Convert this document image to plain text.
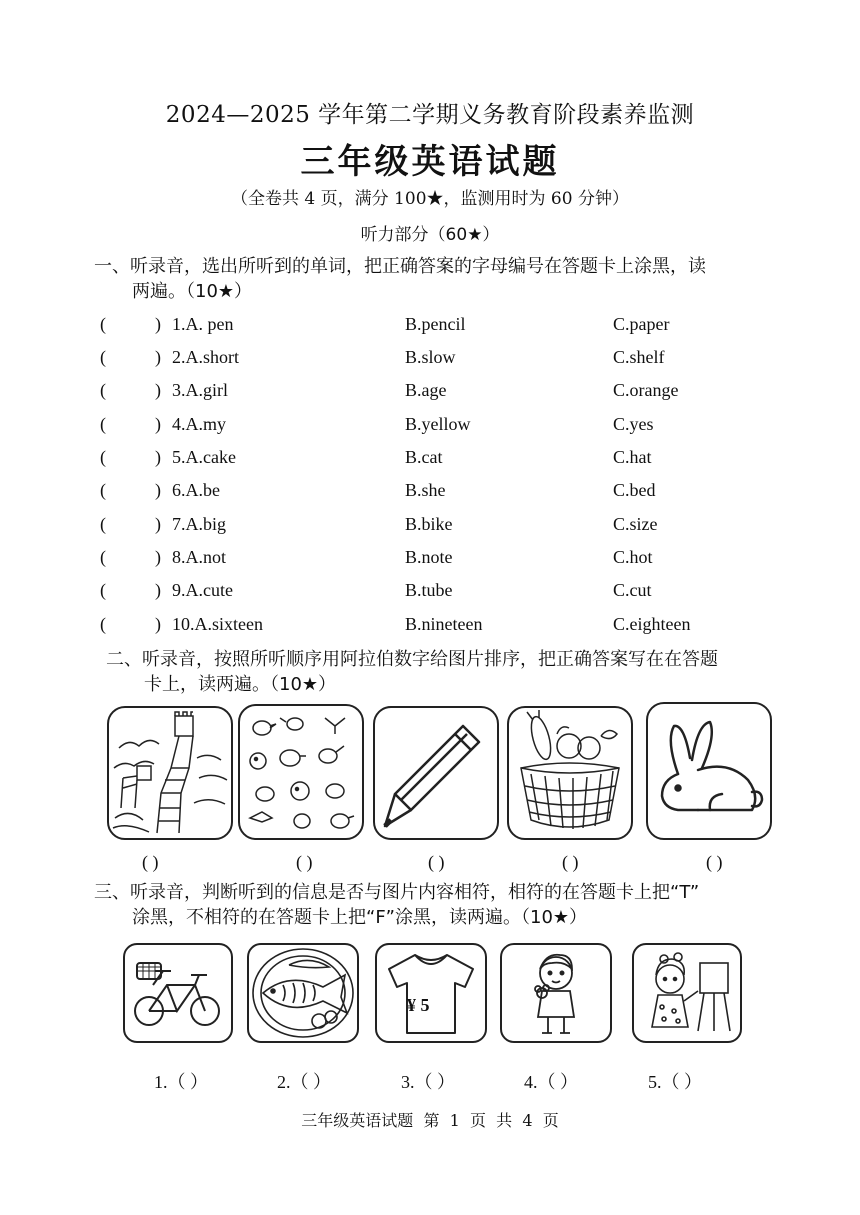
2024—2025 学年第二学期义务教育阶段素养监测
三年级英语试题
（全卷共 4 页，满分 100★，监测用时为 60 分钟）
听力部分（60★）
一、听录音，选出所听到的单词，把正确答案的字母编号在答题卡上涂黑，读
两遍。（10★）
(	) 1.A. pen	B.pencil	C.paper
(	) 2.A.short	B.slow	C.shelf
(	) 3.A.girl	B.age	C.orange
(	) 4.A.my	B.yellow	C.yes
(	) 5.A.cake	B.cat	C.hat
(	) 6.A.be	B.she	C.bed
(	) 7.A.big	B.bike	C.size
(	) 8.A.not	B.note	C.hot
(	) 9.A.cute	B.tube	C.cut
(	) 10.A.sixteen	B.nineteen	C.eighteen
二、听录音，按照所听顺序用阿拉伯数字给图片排序，把正确答案写在在答题
卡上，读两遍。（10★）
( )	( )	( )	( )	( )
三、听录音，判断听到的信息是否与图片内容相符，相符的在答题卡上把“T”
涂黑，不相符的在答题卡上把“F”涂黑，读两遍。（10★）
¥ 5
1.（ ）	2.（ ）	3.（ ）	4.（ ）	5.（ ）
三年级英语试题  第  1  页  共  4  页
